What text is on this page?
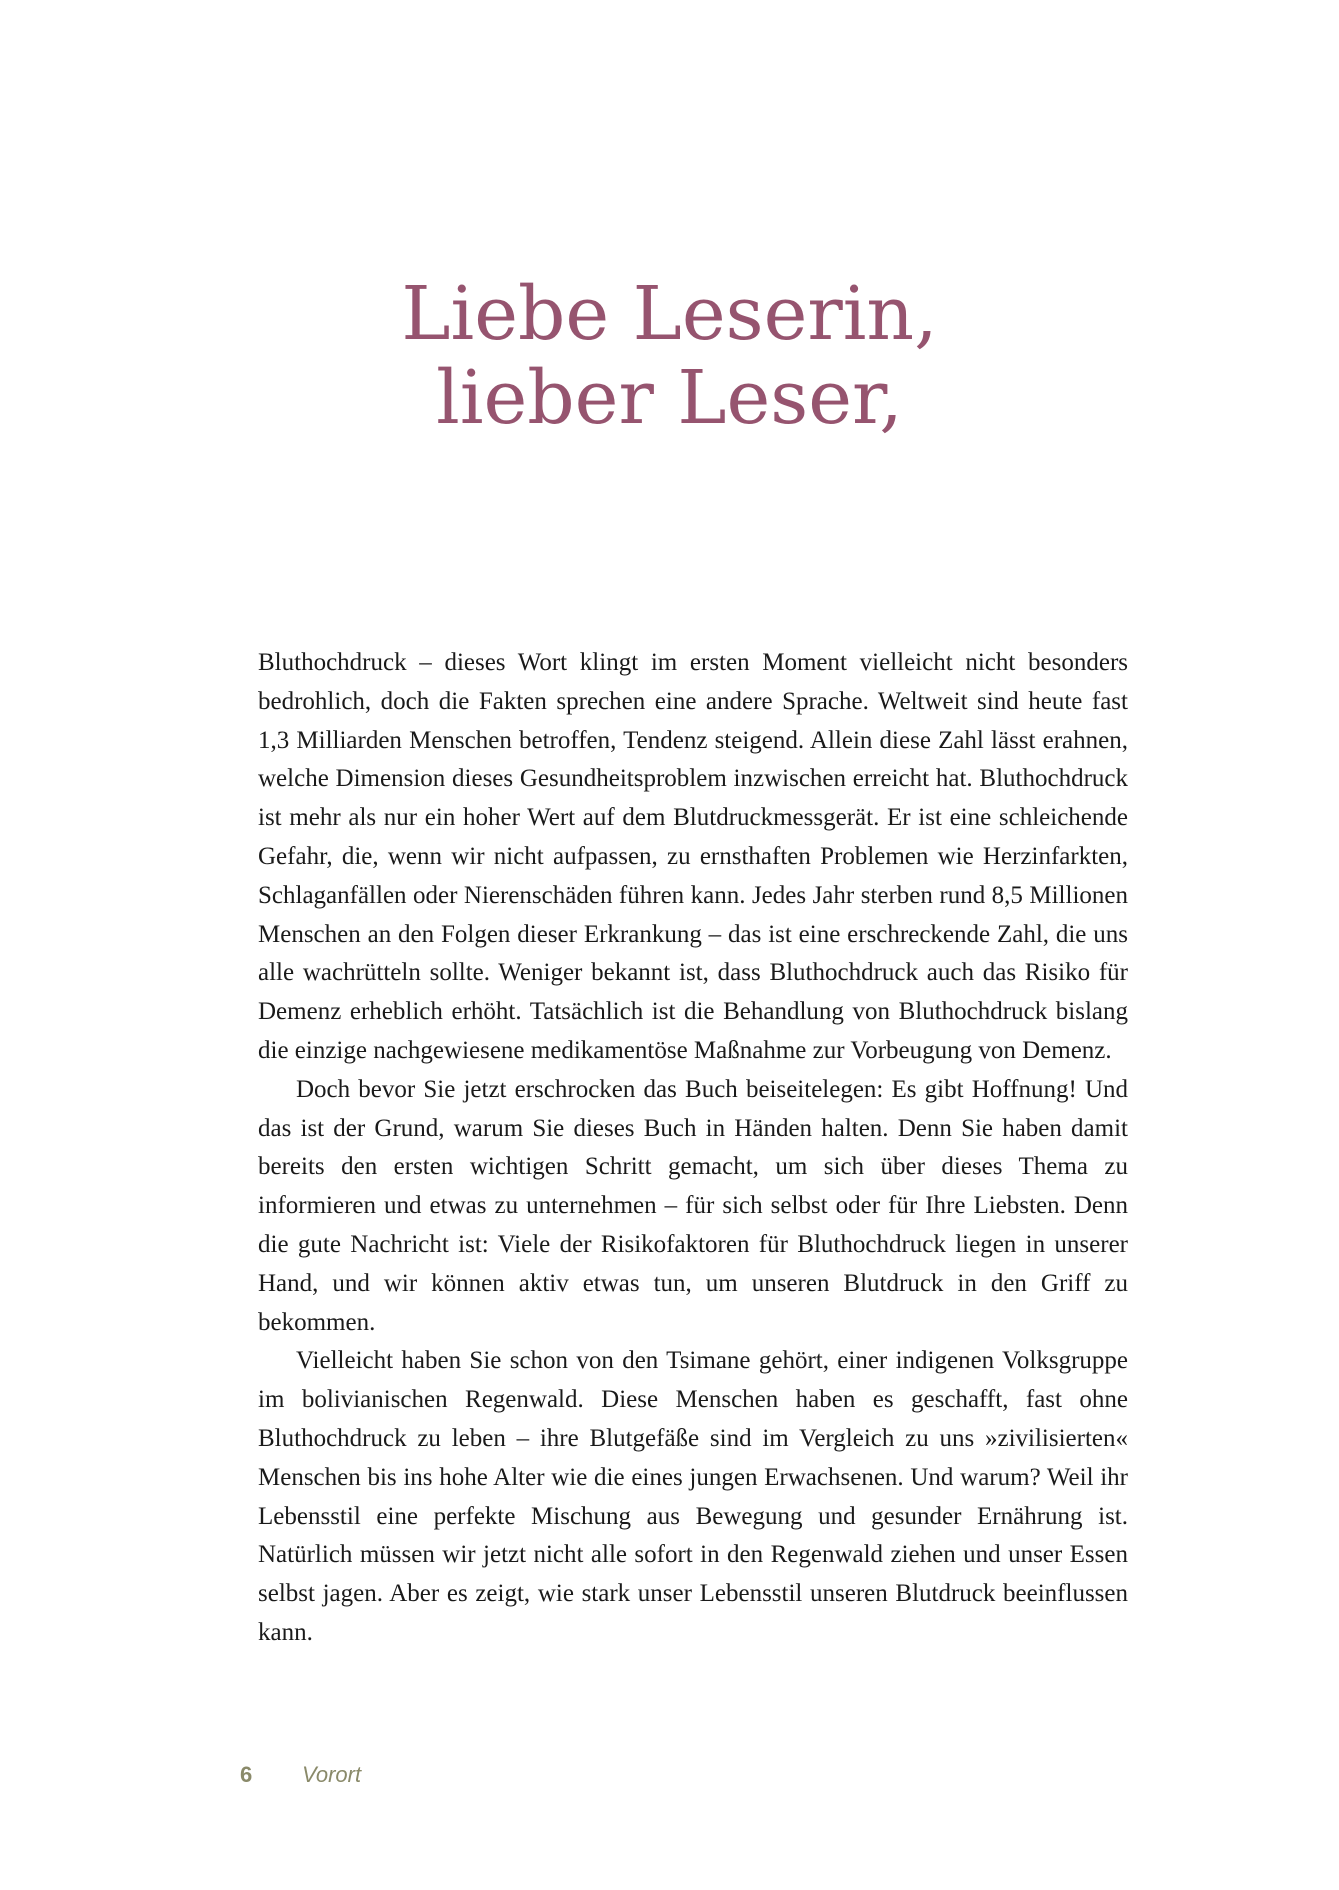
Liebe Leserin,
lieber Leser,

Bluthochdruck – dieses Wort klingt im ersten Moment vielleicht nicht besonders bedrohlich, doch die Fakten sprechen eine andere Sprache. Weltweit sind heute fast 1,3 Milliarden Menschen betroffen, Tendenz steigend. Allein diese Zahl lässt erahnen, welche Dimension dieses Gesundheitsproblem inzwischen erreicht hat. Bluthochdruck ist mehr als nur ein hoher Wert auf dem Blutdruckmessgerät. Er ist eine schleichende Gefahr, die, wenn wir nicht aufpassen, zu ernsthaften Problemen wie Herzinfarkten, Schlaganfällen oder Nierenschäden führen kann. Jedes Jahr sterben rund 8,5 Millionen Menschen an den Folgen dieser Erkrankung – das ist eine erschreckende Zahl, die uns alle wachrütteln sollte. Weniger bekannt ist, dass Bluthochdruck auch das Risiko für Demenz erheblich erhöht. Tatsächlich ist die Behandlung von Bluthochdruck bislang die einzige nachgewiesene medikamentöse Maßnahme zur Vorbeugung von Demenz.

Doch bevor Sie jetzt erschrocken das Buch beiseitelegen: Es gibt Hoffnung! Und das ist der Grund, warum Sie dieses Buch in Händen halten. Denn Sie haben damit bereits den ersten wichtigen Schritt gemacht, um sich über dieses Thema zu informieren und etwas zu unternehmen – für sich selbst oder für Ihre Liebsten. Denn die gute Nachricht ist: Viele der Risikofaktoren für Bluthochdruck liegen in unserer Hand, und wir können aktiv etwas tun, um unseren Blutdruck in den Griff zu bekommen.

Vielleicht haben Sie schon von den Tsimane gehört, einer indigenen Volksgruppe im bolivianischen Regenwald. Diese Menschen haben es geschafft, fast ohne Bluthochdruck zu leben – ihre Blutgefäße sind im Vergleich zu uns »zivilisierten« Menschen bis ins hohe Alter wie die eines jungen Erwachsenen. Und warum? Weil ihr Lebensstil eine perfekte Mischung aus Bewegung und gesunder Ernährung ist. Natürlich müssen wir jetzt nicht alle sofort in den Regenwald ziehen und unser Essen selbst jagen. Aber es zeigt, wie stark unser Lebensstil unseren Blutdruck beeinflussen kann.

6 Vorort
